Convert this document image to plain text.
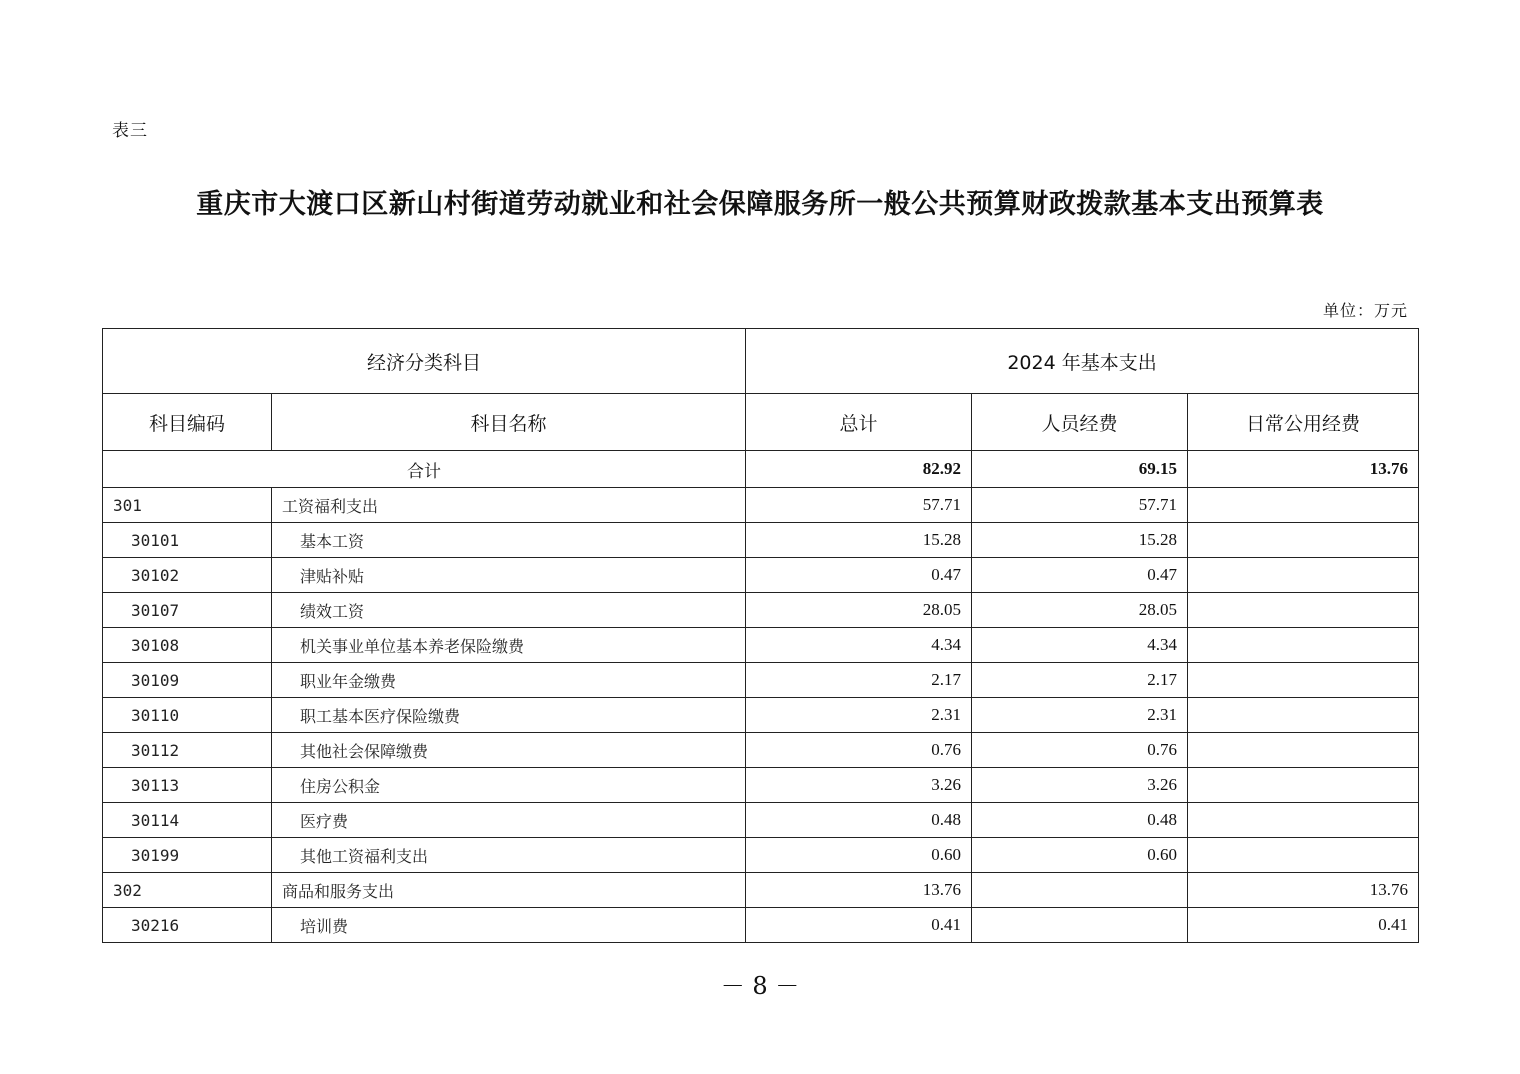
表三
重庆市大渡口区新山村街道劳动就业和社会保障服务所一般公共预算财政拨款基本支出预算表
单位：万元
经济分类科目		2024 年基本支出		
科目编码	科目名称	总计	人员经费	日常公用经费
合计		82.92	69.15	13.76
301	工资福利支出	57.71	57.71	
30101	基本工资	15.28	15.28	
30102	津贴补贴	0.47	0.47	
30107	绩效工资	28.05	28.05	
30108	机关事业单位基本养老保险缴费	4.34	4.34	
30109	职业年金缴费	2.17	2.17	
30110	职工基本医疗保险缴费	2.31	2.31	
30112	其他社会保障缴费	0.76	0.76	
30113	住房公积金	3.26	3.26	
30114	医疗费	0.48	0.48	
30199	其他工资福利支出	0.60	0.60	
302	商品和服务支出	13.76		13.76
30216	培训费	0.41		0.41
－ 8 －
